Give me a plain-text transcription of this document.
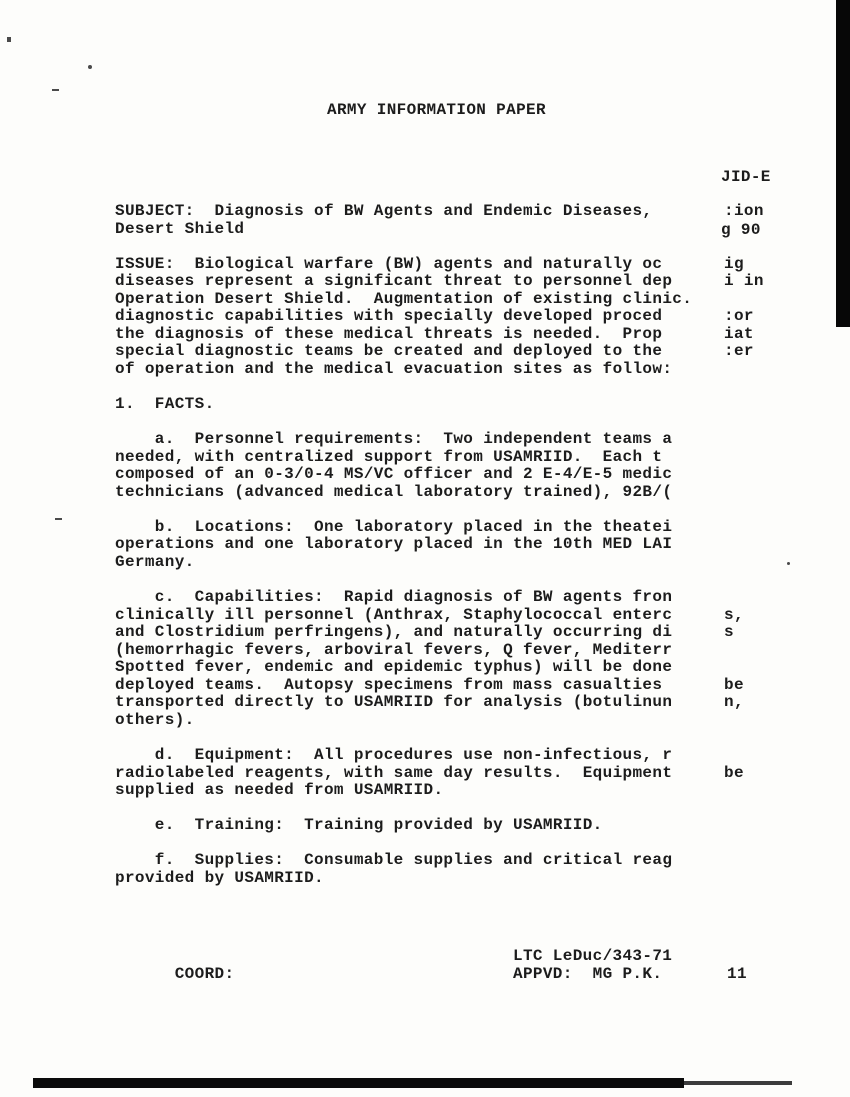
ARMY INFORMATION PAPER

JID-E

g 90

SUBJECT:  Diagnosis of BW Agents and Endemic Diseases,	:ion
Desert Shield

ISSUE:  Biological warfare (BW) agents and naturally oc	ig
diseases represent a significant threat to personnel dep	i in
Operation Desert Shield.  Augmentation of existing clinic.
diagnostic capabilities with specially developed proced	:or
the diagnosis of these medical threats is needed.  Prop	iat
special diagnostic teams be created and deployed to the	:er
of operation and the medical evacuation sites as follow:

1.  FACTS.

a.  Personnel requirements:  Two independent teams a
needed, with centralized support from USAMRIID.  Each t
composed of an 0-3/0-4 MS/VC officer and 2 E-4/E-5 medic
technicians (advanced medical laboratory trained), 92B/(

b.  Locations:  One laboratory placed in the theatei
operations and one laboratory placed in the 10th MED LAI
Germany.

c.  Capabilities:  Rapid diagnosis of BW agents fron
clinically ill personnel (Anthrax, Staphylococcal enterc	s,
and Clostridium perfringens), and naturally occurring di	s
(hemorrhagic fevers, arboviral fevers, Q fever, Mediterr
Spotted fever, endemic and epidemic typhus) will be done
deployed teams.  Autopsy specimens from mass casualties	be
transported directly to USAMRIID for analysis (botulinun	n,
others).

d.  Equipment:  All procedures use non-infectious, r
radiolabeled reagents, with same day results.  Equipment	be
supplied as needed from USAMRIID.

e.  Training:  Training provided by USAMRIID.

f.  Supplies:  Consumable supplies and critical reag
provided by USAMRIID.

COORD:

LTC LeDuc/343-71

APPVD:  MG P.K.

	11
